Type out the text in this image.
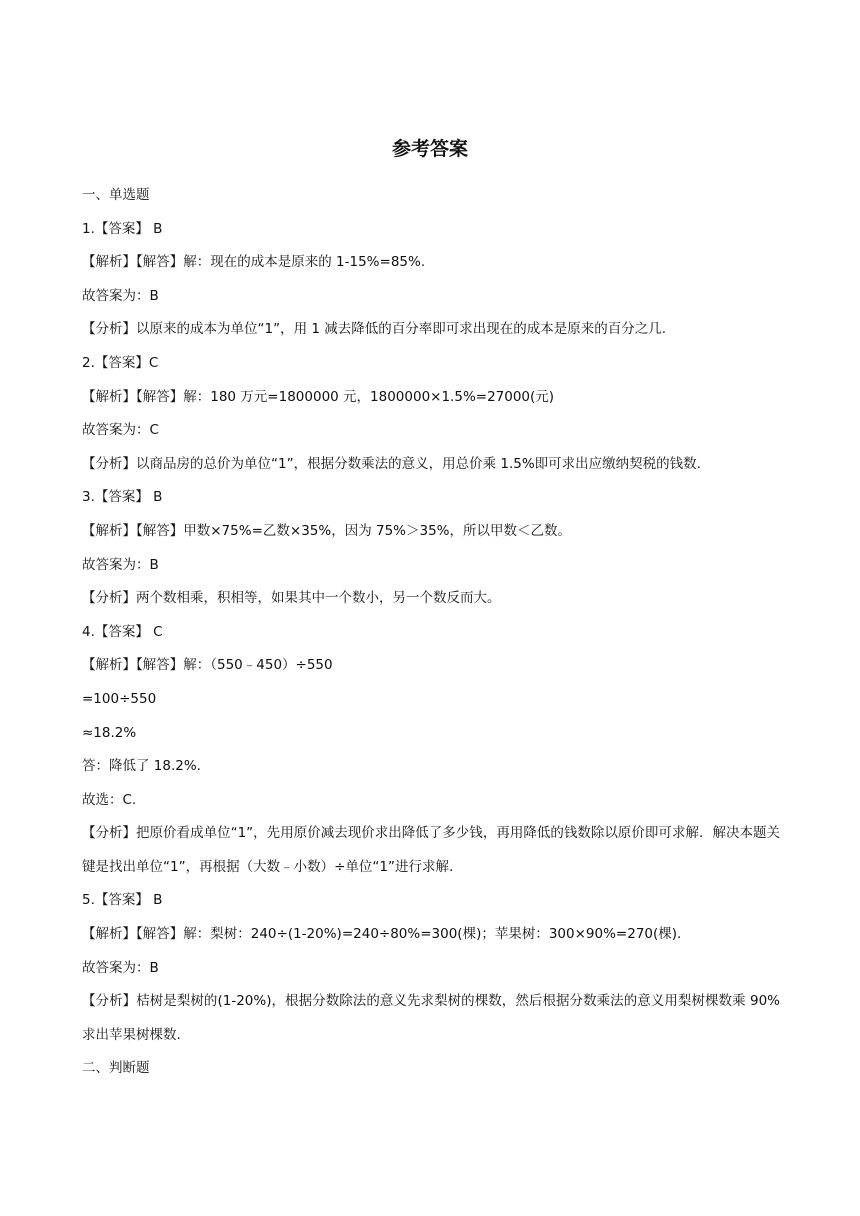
参考答案
一、单选题
1.【答案】 B
【解析】【解答】解：现在的成本是原来的 1-15%=85%.
故答案为：B
【分析】以原来的成本为单位“1”，用 1 减去降低的百分率即可求出现在的成本是原来的百分之几.
2.【答案】C
【解析】【解答】解：180 万元=1800000 元，1800000×1.5%=27000(元)
故答案为：C
【分析】以商品房的总价为单位“1”，根据分数乘法的意义，用总价乘 1.5%即可求出应缴纳契税的钱数.
3.【答案】 B
【解析】【解答】甲数×75%=乙数×35%，因为 75%＞35%，所以甲数＜乙数。
故答案为：B
【分析】两个数相乘，积相等，如果其中一个数小，另一个数反而大。
4.【答案】 C
【解析】【解答】解：（550﹣450）÷550
=100÷550
≈18.2%
答：降低了 18.2%.
故选：C.
【分析】把原价看成单位“1”，先用原价减去现价求出降低了多少钱，再用降低的钱数除以原价即可求解．解决本题关键是找出单位“1”，再根据（大数﹣小数）÷单位“1”进行求解.
5.【答案】 B
【解析】【解答】解：梨树：240÷(1-20%)=240÷80%=300(棵)；苹果树：300×90%=270(棵).
故答案为：B
【分析】桔树是梨树的(1-20%)，根据分数除法的意义先求梨树的棵数，然后根据分数乘法的意义用梨树棵数乘 90%求出苹果树棵数.
二、判断题
